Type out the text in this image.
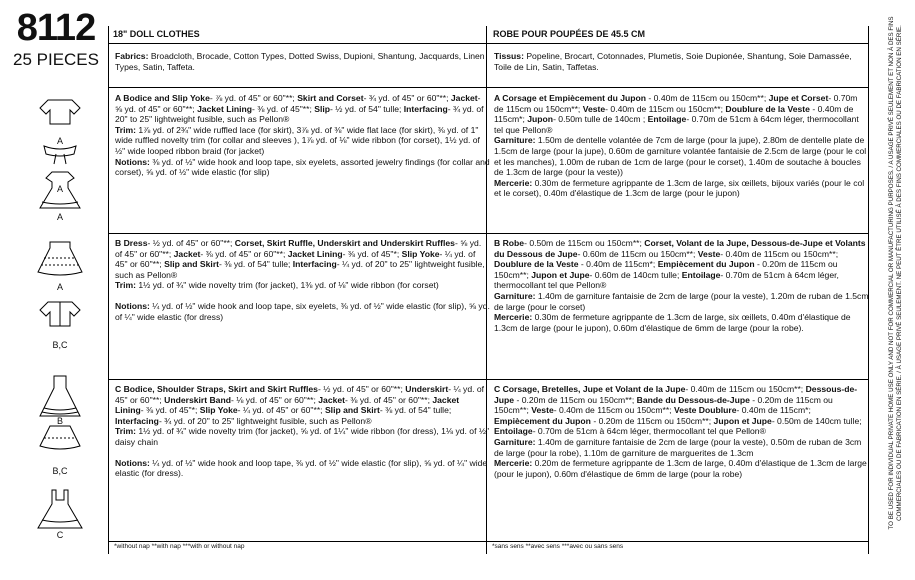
8112
25 PIECES
A
A
A
A
B,C
B
B,C
C
18" DOLL CLOTHES

Fabrics: Broadcloth, Brocade, Cotton Types, Dotted Swiss, Dupioni, Shantung, Jacquards, Linen Types, Satin, Taffeta.

A Bodice and Slip Yoke- ⅞ yd. of 45" or 60"**; Skirt and Corset- ¾ yd. of 45" or 60"**; Jacket- ⅝ yd. of 45" or 60"**; Jacket Lining- ⅜ yd. of 45"**; Slip- ½ yd. of 54" tulle; Interfacing- ¾ yd. of 20" to 25" lightweight fusible, such as Pellon®

Trim: 1⅞ yd. of 2¾" wide ruffled lace (for skirt), 3⅞ yd. of ⅜" wide flat lace (for skirt), ⅜ yd. of 1" wide ruffled novelty trim (for collar and sleeves ), 1⅞ yd. of ⅛" wide ribbon (for corset), 1½ yd. of ½" wide looped ribbon braid (for jacket)

Notions: ⅜ yd. of ½" wide hook and loop tape, six eyelets, assorted jewelry findings (for collar and corset), ⅝ yd. of ½" wide elastic (for slip)

B Dress- ½ yd. of 45" or 60"**; Corset, Skirt Ruffle, Underskirt and Underskirt Ruffles- ⅝ yd. of 45" or 60"**; Jacket- ⅜ yd. of 45" or 60"**; Jacket Lining- ⅜ yd. of 45"*; Slip Yoke- ¼ yd. of 45" or 60"**; Slip and Skirt- ⅜ yd. of 54" tulle; Interfacing- ¼ yd. of 20" to 25" lightweight fusible, such as Pellon®

Trim: 1½ yd. of ¾" wide novelty trim (for jacket), 1⅜ yd. of ⅛" wide ribbon (for corset)

Notions: ¼ yd. of ½" wide hook and loop tape, six eyelets, ⅜ yd. of ½" wide elastic (for slip), ⅝ yd. of ¼" wide elastic (for dress)

C Bodice, Shoulder Straps, Skirt and Skirt Ruffles- ½ yd. of 45" or 60"**; Underskirt- ¼ yd. of 45" or 60"**; Underskirt Band- ⅛ yd. of 45" or 60"**; Jacket- ⅜ yd. of 45" or 60"**; Jacket Lining- ⅜ yd. of 45"*; Slip Yoke- ¼ yd. of 45" or 60"**; Slip and Skirt- ⅜ yd. of 54" tulle; Interfacing- ¾ yd. of 20" to 25" lightweight fusible, such as Pellon®

Trim: 1½ yd. of ¾" wide novelty trim (for jacket), ⅝ yd. of 1¼" wide ribbon (for dress), 1⅛ yd. of ½" daisy chain

Notions: ¼ yd. of ½" wide hook and loop tape, ⅜ yd. of ½" wide elastic (for slip), ⅝ yd. of ¼" wide elastic (for dress).

*without nap **with nap ***with or without nap
ROBE POUR POUPÉES DE 45.5 CM

Tissus: Popeline, Brocart, Cotonnades, Plumetis, Soie Dupionée, Shantung, Soie Damassée, Toile de Lin, Satin, Taffetas.

A Corsage et Empiècement du Jupon - 0.40m de 115cm ou 150cm**; Jupe et Corset- 0.70m de 115cm ou 150cm**; Veste- 0.40m de 115cm ou 150cm**; Doublure de la Veste - 0.40m de 115cm*; Jupon- 0.50m tulle de 140cm ; Entoilage- 0.70m de 51cm à 64cm léger, thermocollant tel que Pellon®

Garniture: 1.50m de dentelle volantée de 7cm de large (pour la jupe), 2.80m de dentelle plate de 1.5cm de large (pour la jupe), 0.60m de garniture volantée fantaisie de 2.5cm de large (pour le col et les manches), 1.00m de ruban de 1cm de large (pour le corset), 1.40m de soutache à boucles de 1.3cm de large (pour la veste))

Mercerie: 0.30m de fermeture agrippante de 1.3cm de large, six œillets, bijoux variés (pour le col et le corset), 0.40m d'élastique de 1.3cm de large (pour le jupon)

B Robe- 0.50m de 115cm ou 150cm**; Corset, Volant de la Jupe, Dessous-de-Jupe et Volants du Dessous de Jupe- 0.60m de 115cm ou 150cm**; Veste- 0.40m de 115cm ou 150cm**; Doublure de la Veste - 0.40m de 115cm*; Empiècement du Jupon - 0.20m de 115cm ou 150cm**; Jupon et Jupe- 0.60m de 140cm tulle; Entoilage- 0.70m de 51cm à 64cm léger, thermocollant tel que Pellon®

Garniture: 1.40m de garniture fantaisie de 2cm de large (pour la veste), 1.20m de ruban de 1.5cm de large (pour le corset)

Mercerie: 0.30m de fermeture agrippante de 1.3cm de large, six œillets, 0.40m d'élastique de 1.3cm de large (pour le jupon), 0.60m d'élastique de 6mm de large (pour la robe).

C Corsage, Bretelles, Jupe et Volant de la Jupe- 0.40m de 115cm ou 150cm**; Dessous-de-Jupe - 0.20m de 115cm ou 150cm**; Bande du Dessous-de-Jupe - 0.20m de 115cm ou 150cm**; Veste- 0.40m de 115cm ou 150cm**; Veste Doublure- 0.40m de 115cm*; Empiècement du Jupon - 0.20m de 115cm ou 150cm**; Jupon et Jupe- 0.50m de 140cm tulle; Entoilage- 0.70m de 51cm à 64cm léger, thermocollant tel que Pellon®

Garniture: 1.40m de garniture fantaisie de 2cm de large (pour la veste), 0.50m de ruban de 3cm de large (pour la robe), 1.10m de garniture de marguerites de 1.3cm

Mercerie: 0.20m de fermeture agrippante de 1.3cm de large, 0.40m d'élastique de 1.3cm de large (pour le jupon), 0.60m d'élastique de 6mm de large (pour la robe)

*sans sens **avec sens ***avec ou sans sens
TO BE USED FOR INDIVIDUAL PRIVATE HOME USE ONLY AND NOT FOR COMMERCIAL OR MANUFACTURING PURPOSES. / A USAGE PRIVÉ SEULEMENT ET NON À DES FINS COMMERCIALES OU DE FABRICATION EN SÉRIE. / À USAGE PRIVÉ SEULEMENT. NE PEUT ÊTRE UTILISÉ À DES FINS COMMERCIALES OU DE FABRICATION EN SÉRIE.
